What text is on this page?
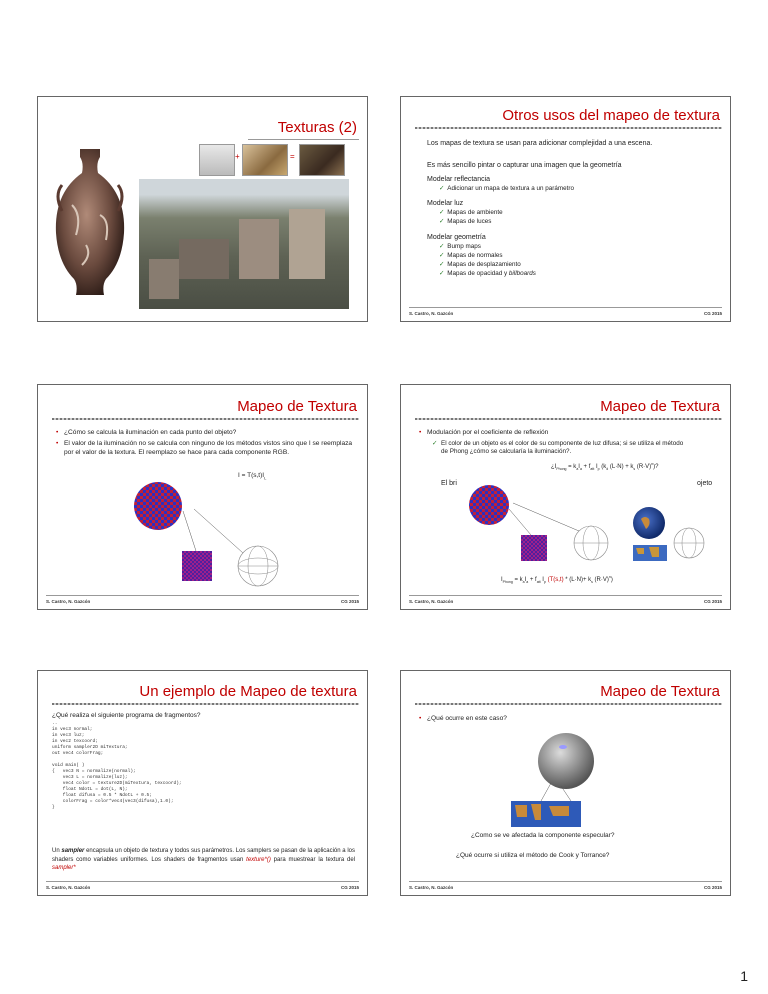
Texturas (2)
+	=
Otros usos del mapeo de textura
Los mapas de textura se usan para adicionar complejidad a una escena.
Es más sencillo pintar o capturar una imagen que la geometría
Modelar reflectancia
✓ Adicionar un mapa de textura a un parámetro
Modelar luz
✓ Mapas de ambiente
✓ Mapas de luces
Modelar geometría
✓ Bump maps
✓ Mapas de normales
✓ Mapas de desplazamiento
✓ Mapas de opacidad y billboards
S. Castro, N. Gazcón	CG 2015
Mapeo de Textura
• ¿Cómo se calcula la iluminación en cada punto del objeto?
• El valor de la iluminación no se calcula con ninguno de los métodos vistos sino que I se reemplaza por el valor de la textura. El reemplazo se hace para cada componente RGB.
$I = T(s,t)I_L$
S. Castro, N. Gazcón	CG 2015
Mapeo de Textura
• Modulación por el coeficiente de reflexión
✓ El color de un objeto es el color de su componente de luz difusa; si se utiliza el método de Phong ¿cómo se calcularía la iluminación?.
¿$I_{Phong} = k_aI_a + f_{att}$ $I_p$ ($k_d$ $(L\cdot N) + k_s$ $(R\cdot V)^n$)?
El bri	ojeto
$I_{Phong} = k_aI_a + f_{att}$ $I_p$ ($T(s,t) * (L\cdot N)+ k_s$ $(R\cdot V)^n$)
S. Castro, N. Gazcón	CG 2015
Un ejemplo de Mapeo de textura
¿Qué realiza el siguiente programa de fragmentos?
..
in vec3 normal;
in vec3 luz;
in vec2 texcoord;
uniform sampler2D miTextura;
out vec4 colorFrag;

void main( )
{   vec3 N = normalize(normal);
vec3 L = normalize(luz);
vec4 color = texture2D(miTextura, texcoord);
float NdotL = dot(L, N);
float difusa = 0.5 * NdotL + 0.5;
colorFrag = color*vec4(vec3(difusa),1.0);
}
Un sampler encapsula un objeto de textura y todos sus parámetros. Los samplers se pasan de la aplicación a los shaders como variables uniformes. Los shaders de fragmentos usan texture*() para muestrear la textura del sampler*
S. Castro, N. Gazcón	CG 2015
Mapeo de Textura
• ¿Qué ocurre en este caso?
¿Como se ve afectada la componente especular?
¿Qué ocurre si utiliza el método de Cook y Torrance?
S. Castro, N. Gazcón	CG 2015
1
